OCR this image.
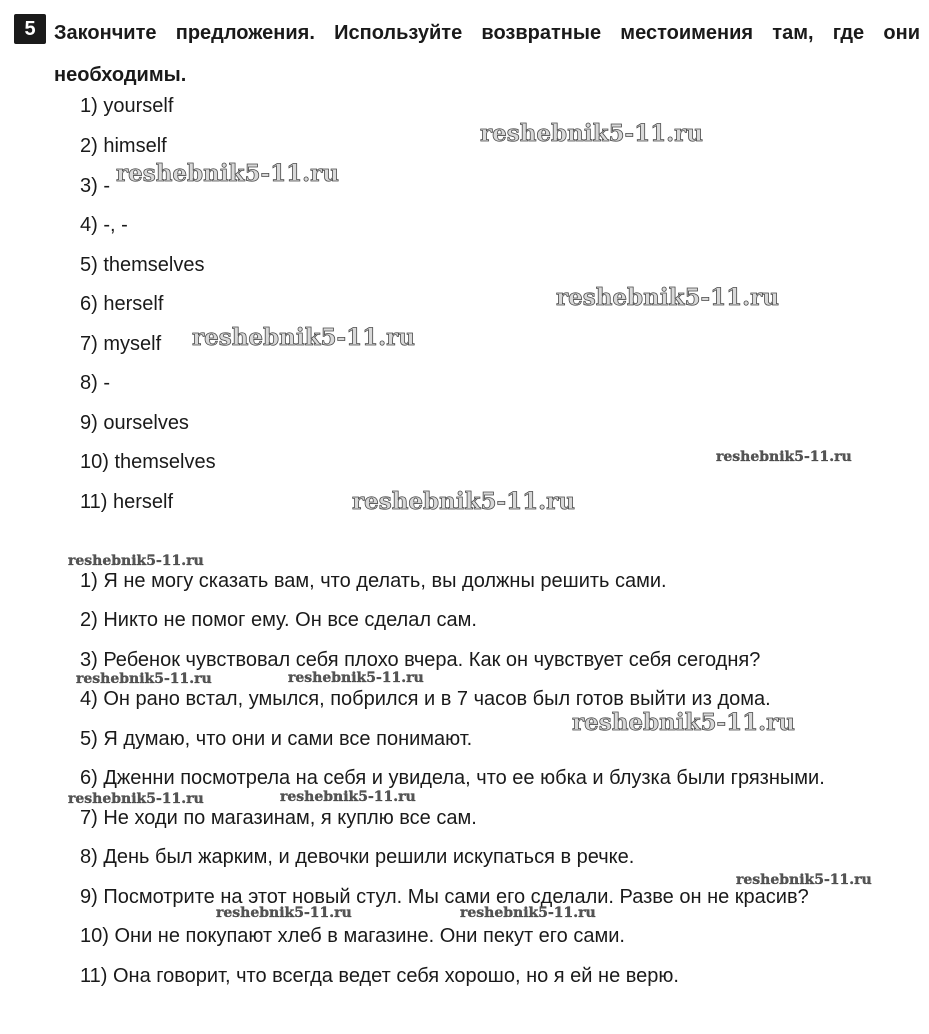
5 Закончите предложения. Используйте возвратные местоимения там, где они необходимы.
1) yourself
2) himself
3) -
4) -, -
5) themselves
6) herself
7) myself
8) -
9) ourselves
10) themselves
11) herself
1) Я не могу сказать вам, что делать, вы должны решить сами.
2) Никто не помог ему. Он все сделал сам.
3) Ребенок чувствовал себя плохо вчера. Как он чувствует себя сегодня?
4) Он рано встал, умылся, побрился и в 7 часов был готов выйти из дома.
5) Я думаю, что они и сами все понимают.
6) Дженни посмотрела на себя и увидела, что ее юбка и блузка были грязными.
7) Не ходи по магазинам, я куплю все сам.
8) День был жарким, и девочки решили искупаться в речке.
9) Посмотрите на этот новый стул. Мы сами его сделали. Разве он не красив?
10) Они не покупают хлеб в магазине. Они пекут его сами.
11) Она говорит, что всегда ведет себя хорошо, но я ей не верю.
reshebnik5-11.ru
reshebnik5-11.ru
reshebnik5-11.ru
reshebnik5-11.ru
reshebnik5-11.ru
reshebnik5-11.ru
reshebnik5-11.ru
reshebnik5-11.ru	reshebnik5-11.ru
reshebnik5-11.ru
reshebnik5-11.ru	reshebnik5-11.ru
reshebnik5-11.ru
reshebnik5-11.ru	reshebnik5-11.ru
